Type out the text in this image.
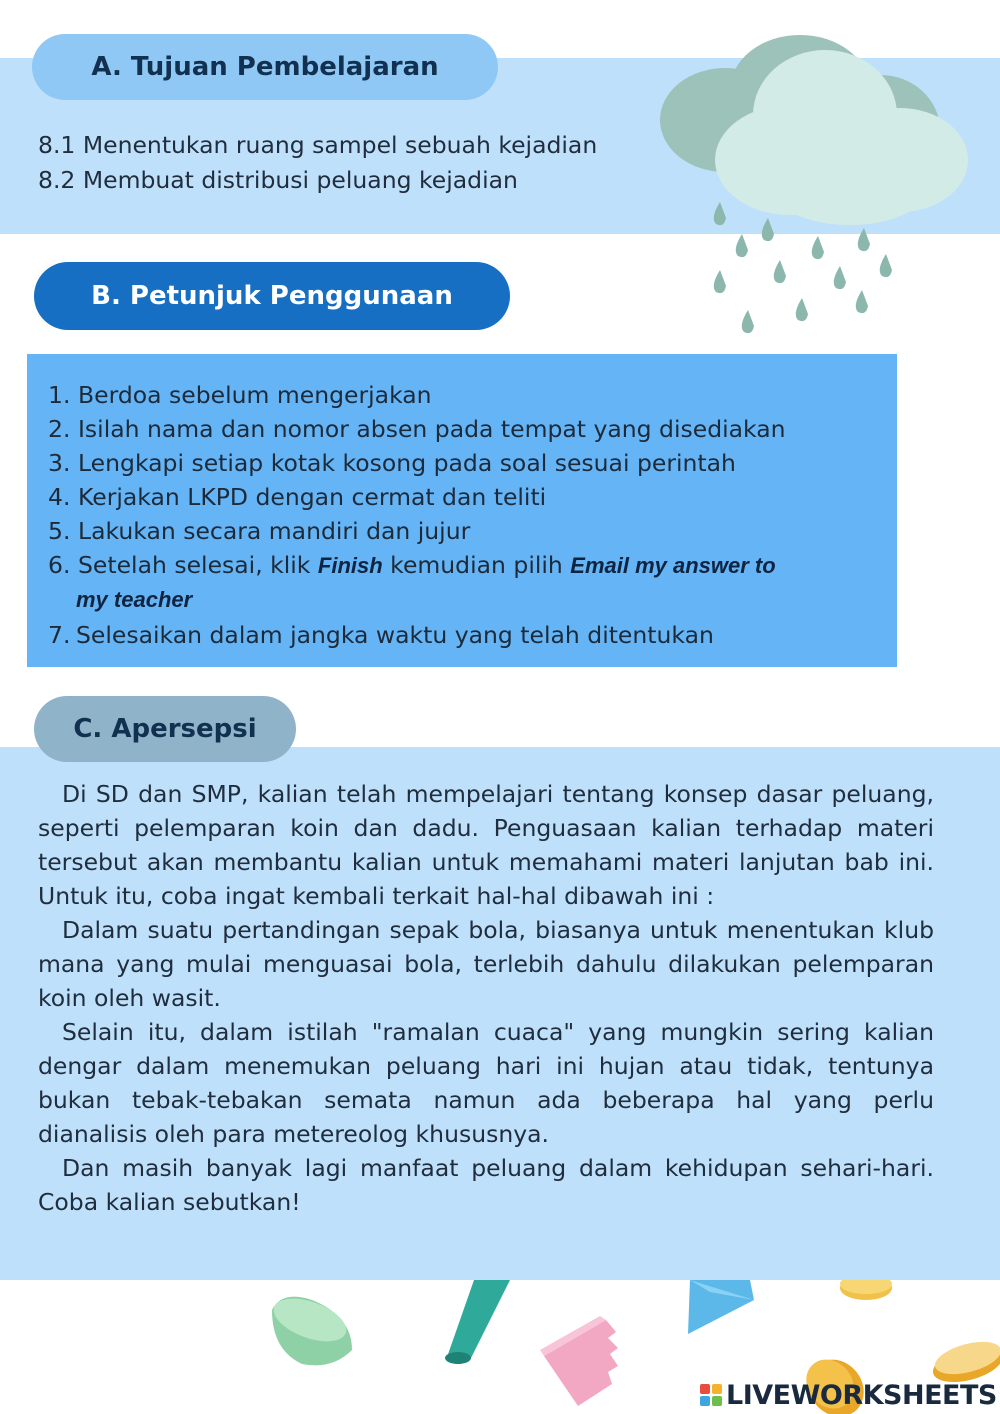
A. Tujuan Pembelajaran
8.1 Menentukan ruang sampel sebuah kejadian
8.2 Membuat distribusi peluang kejadian
B. Petunjuk Penggunaan
1. Berdoa sebelum mengerjakan
2. Isilah nama dan nomor absen pada tempat yang disediakan
3. Lengkapi setiap kotak kosong pada soal sesuai perintah
4. Kerjakan LKPD dengan cermat dan teliti
5. Lakukan secara mandiri dan jujur
6. Setelah selesai, klik Finish kemudian pilih Email my answer to
my teacher
7. Selesaikan dalam jangka waktu yang telah ditentukan
C. Apersepsi

Di SD dan SMP, kalian telah mempelajari tentang konsep dasar peluang, seperti pelemparan koin dan dadu. Penguasaan kalian terhadap materi tersebut akan membantu kalian untuk memahami materi lanjutan bab ini. Untuk itu, coba ingat kembali terkait hal-hal dibawah ini :

Dalam suatu pertandingan sepak bola, biasanya untuk menentukan klub mana yang mulai menguasai bola, terlebih dahulu dilakukan pelemparan koin oleh wasit.

Selain itu, dalam istilah "ramalan cuaca" yang mungkin sering kalian dengar dalam menemukan peluang hari ini hujan atau tidak, tentunya bukan tebak-tebakan semata namun ada beberapa hal yang perlu dianalisis oleh para metereolog khususnya.

Dan masih banyak lagi manfaat peluang dalam kehidupan sehari-hari. Coba kalian sebutkan!

LIVEWORKSHEETS
